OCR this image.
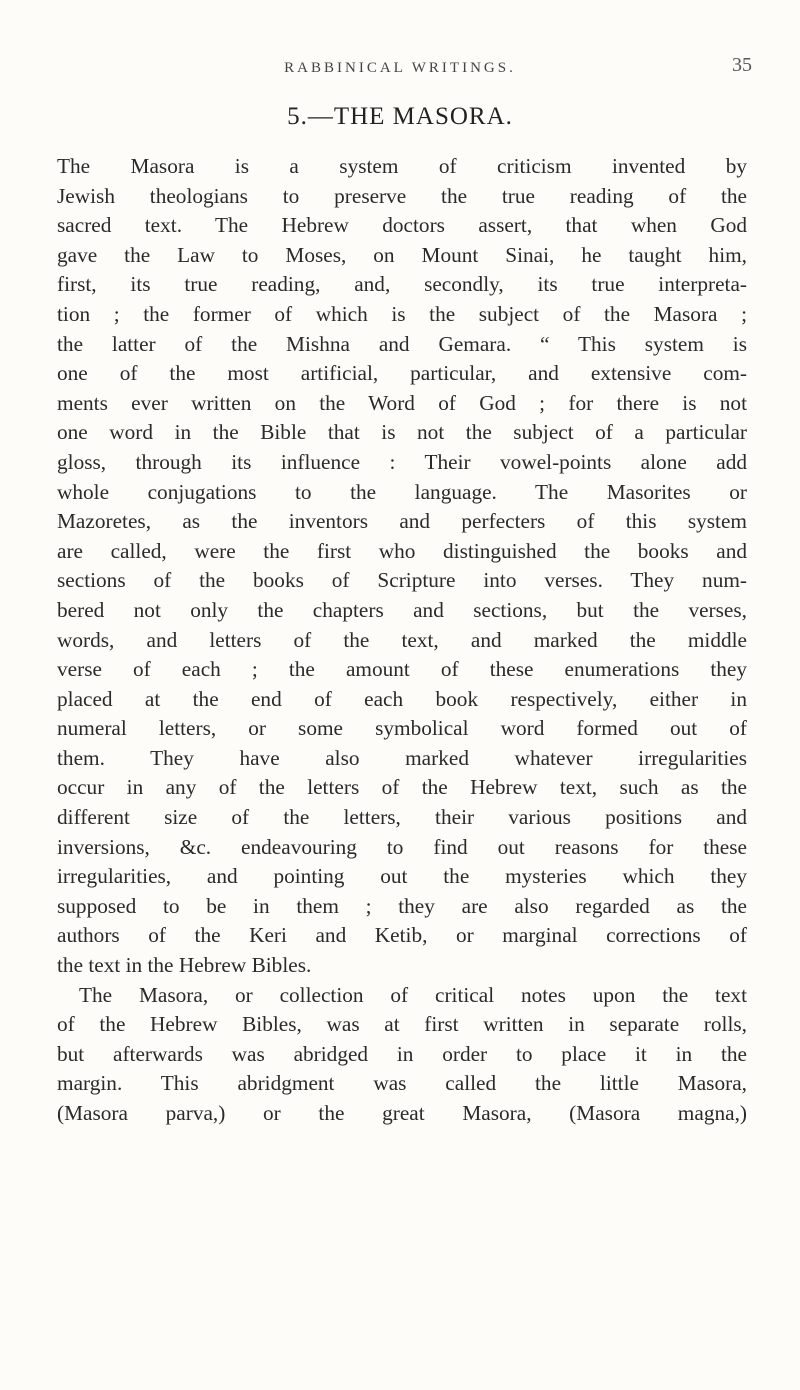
RABBINICAL WRITINGS.	35
5.—THE MASORA.
The Masora is a system of criticism invented by
Jewish theologians to preserve the true reading of the
sacred text. The Hebrew doctors assert, that when God
gave the Law to Moses, on Mount Sinai, he taught him,
first, its true reading, and, secondly, its true interpreta-
tion ; the former of which is the subject of the Masora ;
the latter of the Mishna and Gemara. “ This system is
one of the most artificial, particular, and extensive com-
ments ever written on the Word of God ; for there is not
one word in the Bible that is not the subject of a particular
gloss, through its influence : Their vowel-points alone add
whole conjugations to the language. The Masorites or
Mazoretes, as the inventors and perfecters of this system
are called, were the first who distinguished the books and
sections of the books of Scripture into verses. They num-
bered not only the chapters and sections, but the verses,
words, and letters of the text, and marked the middle
verse of each ; the amount of these enumerations they
placed at the end of each book respectively, either in
numeral letters, or some symbolical word formed out of
them. They have also marked whatever irregularities
occur in any of the letters of the Hebrew text, such as the
different size of the letters, their various positions and
inversions, &c. endeavouring to find out reasons for these
irregularities, and pointing out the mysteries which they
supposed to be in them ; they are also regarded as the
authors of the Keri and Ketib, or marginal corrections of
the text in the Hebrew Bibles.
The Masora, or collection of critical notes upon the text
of the Hebrew Bibles, was at first written in separate rolls,
but afterwards was abridged in order to place it in the
margin. This abridgment was called the little Masora,
(Masora parva,) or the great Masora, (Masora magna,)
